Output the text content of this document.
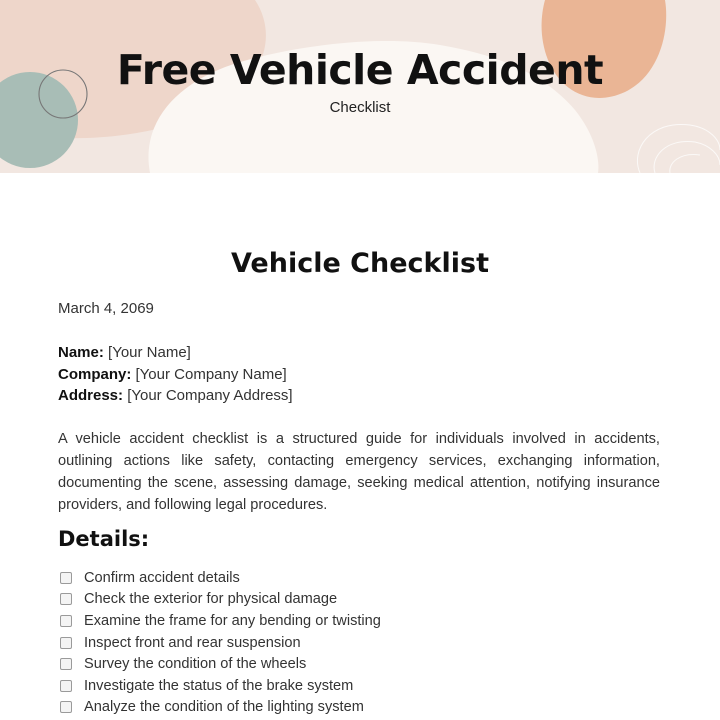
Free Vehicle Accident
Checklist
Vehicle Checklist
March 4, 2069
Name: [Your Name]
Company: [Your Company Name]
Address: [Your Company Address]

A vehicle accident checklist is a structured guide for individuals involved in accidents, outlining actions like safety, contacting emergency services, exchanging information, documenting the scene, assessing damage, seeking medical attention, notifying insurance providers, and following legal procedures.

Details:
Confirm accident details
Check the exterior for physical damage
Examine the frame for any bending or twisting
Inspect front and rear suspension
Survey the condition of the wheels
Investigate the status of the brake system
Analyze the condition of the lighting system
